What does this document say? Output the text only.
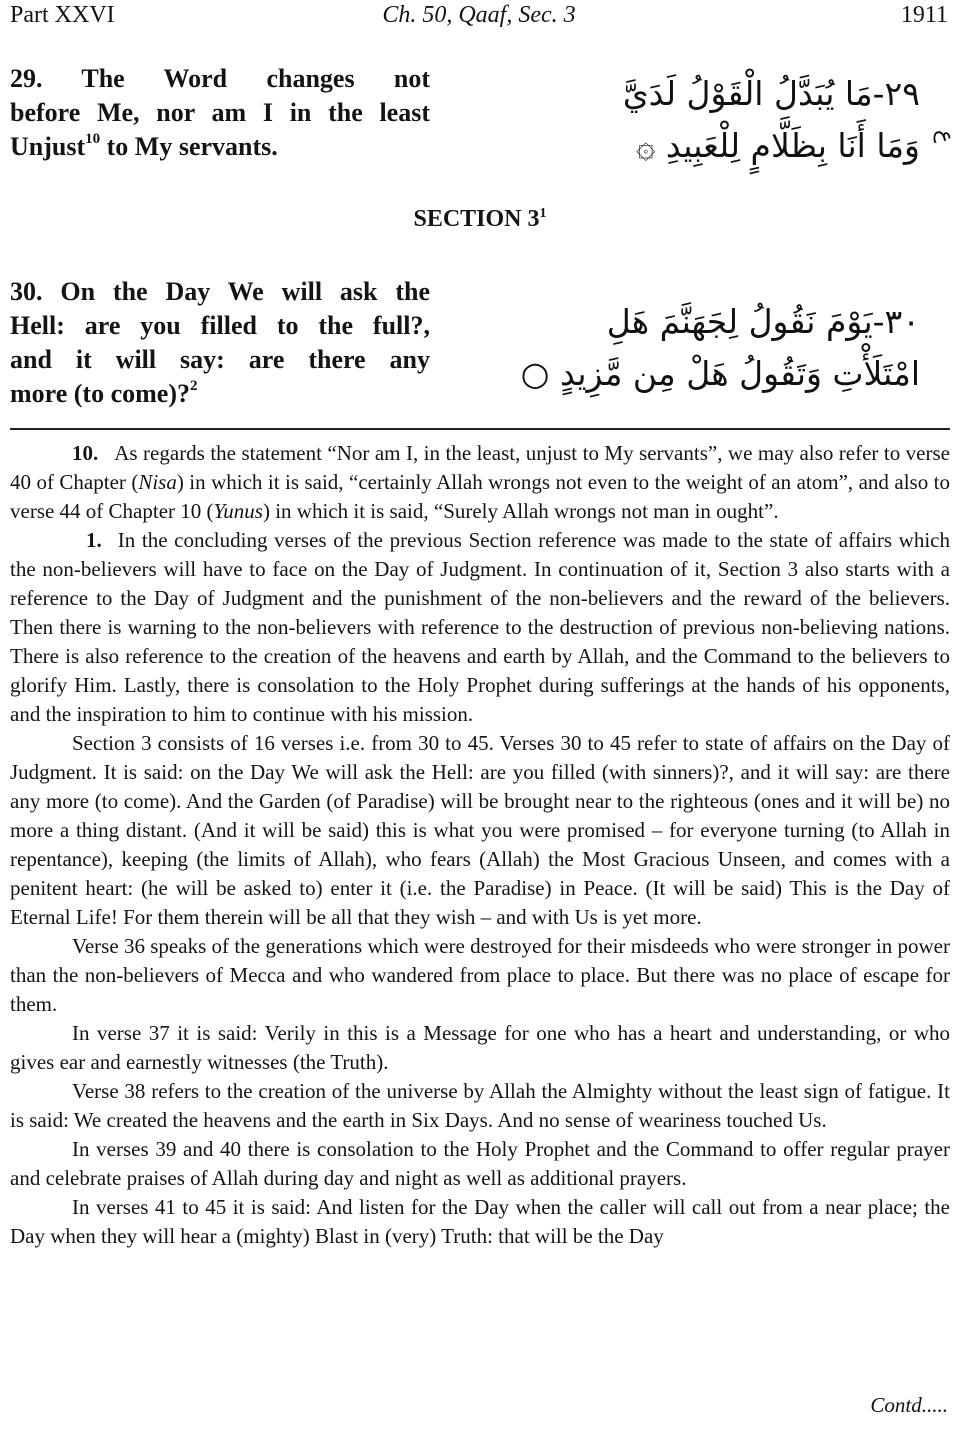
Part XXVI	Ch. 50, Qaaf, Sec. 3	1911
29. The Word changes not
before Me, nor am I in the least
Unjust$^{10}$ to My servants.
٢٩-مَا يُبَدَّلُ الْقَوْلُ لَدَيَّ
وَمَا أَنَا بِظَلَّامٍ لِلْعَبِيدِ ۞ ع
SECTION $3^1$
30. On the Day We will ask the
Hell: are you filled to the full?,
and it will say: are there any
more (to come)?$^2$
٣٠-يَوْمَ نَقُولُ لِجَهَنَّمَ هَلِ
امْتَلَأْتِ وَتَقُولُ هَلْ مِن مَّزِيدٍ ○

10. As regards the statement “Nor am I, in the least, unjust to My servants”, we may also refer to verse 40 of Chapter (Nisa) in which it is said, “certainly Allah wrongs not even to the weight of an atom”, and also to verse 44 of Chapter 10 (Yunus) in which it is said, “Surely Allah wrongs not man in ought”.

1. In the concluding verses of the previous Section reference was made to the state of affairs which the non-believers will have to face on the Day of Judgment. In continuation of it, Section 3 also starts with a reference to the Day of Judgment and the punishment of the non-believers and the reward of the believers. Then there is warning to the non-believers with reference to the destruction of previous non-believing nations. There is also reference to the creation of the heavens and earth by Allah, and the Command to the believers to glorify Him. Lastly, there is consolation to the Holy Prophet during sufferings at the hands of his opponents, and the inspiration to him to continue with his mission.

Section 3 consists of 16 verses i.e. from 30 to 45. Verses 30 to 45 refer to state of affairs on the Day of Judgment. It is said: on the Day We will ask the Hell: are you filled (with sinners)?, and it will say: are there any more (to come). And the Garden (of Paradise) will be brought near to the righteous (ones and it will be) no more a thing distant. (And it will be said) this is what you were promised – for everyone turning (to Allah in repentance), keeping (the limits of Allah), who fears (Allah) the Most Gracious Unseen, and comes with a penitent heart: (he will be asked to) enter it (i.e. the Paradise) in Peace. (It will be said) This is the Day of Eternal Life! For them therein will be all that they wish – and with Us is yet more.

Verse 36 speaks of the generations which were destroyed for their misdeeds who were stronger in power than the non-believers of Mecca and who wandered from place to place. But there was no place of escape for them.

In verse 37 it is said: Verily in this is a Message for one who has a heart and understanding, or who gives ear and earnestly witnesses (the Truth).

Verse 38 refers to the creation of the universe by Allah the Almighty without the least sign of fatigue. It is said: We created the heavens and the earth in Six Days. And no sense of weariness touched Us.

In verses 39 and 40 there is consolation to the Holy Prophet and the Command to offer regular prayer and celebrate praises of Allah during day and night as well as additional prayers.

In verses 41 to 45 it is said: And listen for the Day when the caller will call out from a near place; the Day when they will hear a (mighty) Blast in (very) Truth: that will be the Day

Contd.....
